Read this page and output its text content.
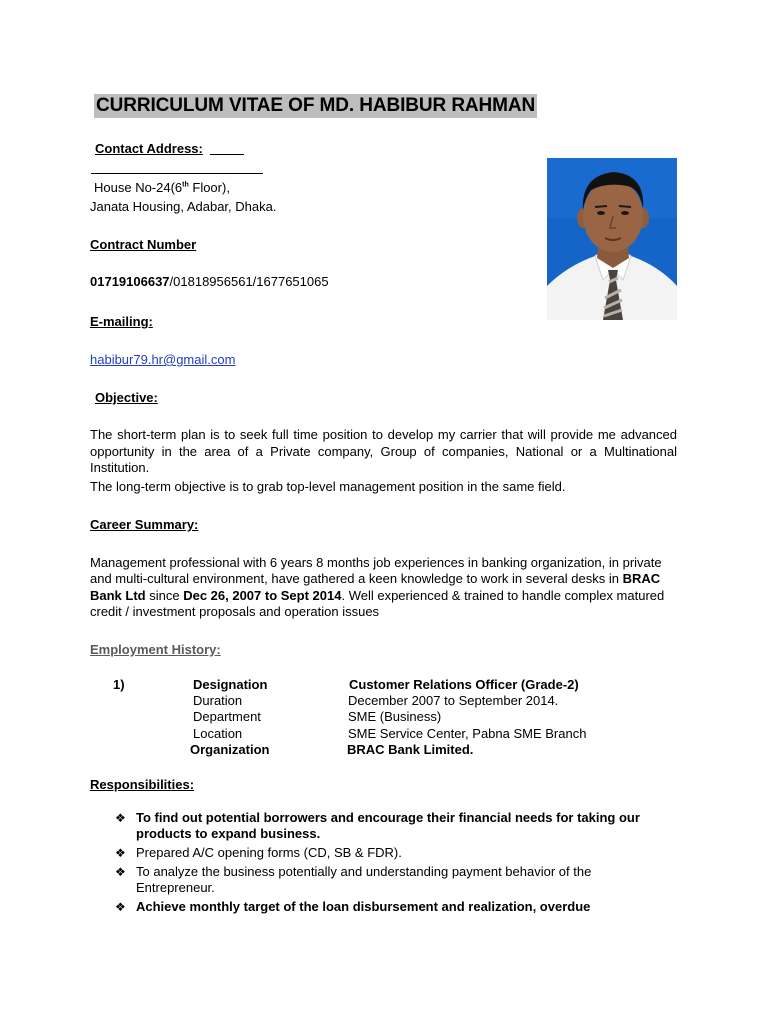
CURRICULUM VITAE OF MD. HABIBUR RAHMAN
Contact Address:
House No-24(6th Floor),
Janata Housing, Adabar, Dhaka.
Contract Number
01719106637/01818956561/1677651065
E-mailing:
habibur79.hr@gmail.com
Objective:
The short-term plan is to seek full time position to develop my carrier that will provide me advanced opportunity in the area of a Private company, Group of companies, National or a Multinational Institution.
The long-term objective is to grab top-level management position in the same field.
Career Summary:
Management professional with 6 years 8 months job experiences in banking organization, in private and multi-cultural environment, have gathered a keen knowledge to work in several desks in BRAC Bank Ltd since Dec 26, 2007 to Sept 2014. Well experienced & trained to handle complex matured credit / investment proposals and operation issues
Employment History:
1)	Designation	Customer Relations Officer (Grade-2)
Duration	December 2007 to September 2014.
Department	SME (Business)
Location	SME Service Center, Pabna SME Branch
Organization	BRAC Bank Limited.
Responsibilities:
❖ To find out potential borrowers and encourage their financial needs for taking our products to expand business.
❖ Prepared A/C opening forms (CD, SB & FDR).
❖ To analyze the business potentially and understanding payment behavior of the Entrepreneur.
❖ Achieve monthly target of the loan disbursement and realization, overdue
